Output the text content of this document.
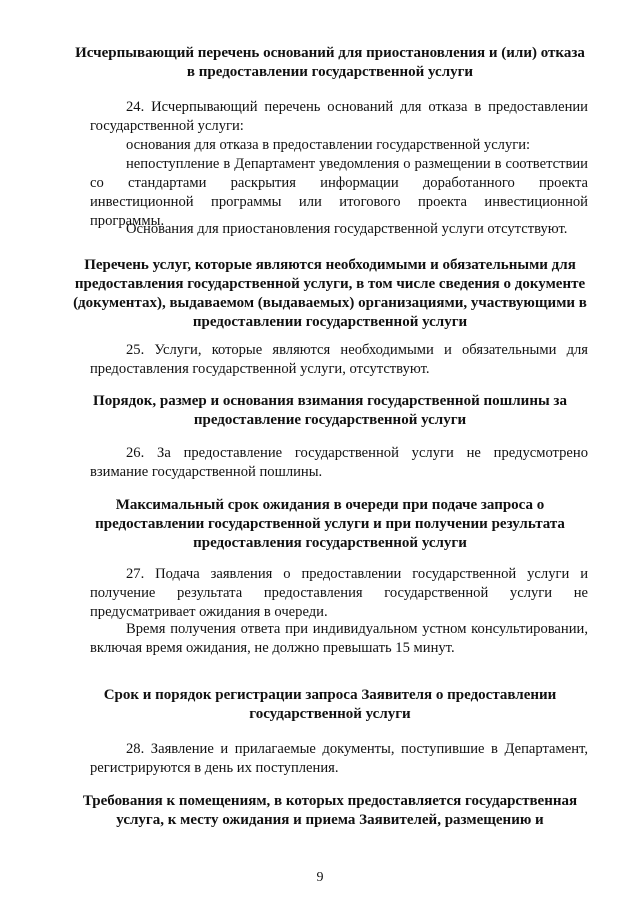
Исчерпывающий перечень оснований для приостановления и (или) отказа в предоставлении государственной услуги

24. Исчерпывающий перечень оснований для отказа в предоставлении государственной услуги:

основания для отказа в предоставлении государственной услуги:

непоступление в Департамент уведомления о размещении в соответствии со стандартами раскрытия информации доработанного проекта инвестиционной программы или итогового проекта инвестиционной программы.

Основания для приостановления государственной услуги отсутствуют.

Перечень услуг, которые являются необходимыми и обязательными для предоставления государственной услуги, в том числе сведения о документе (документах), выдаваемом (выдаваемых) организациями, участвующими в предоставлении государственной услуги

25. Услуги, которые являются необходимыми и обязательными для предоставления государственной услуги, отсутствуют.

Порядок, размер и основания взимания государственной пошлины за предоставление государственной услуги

26. За предоставление государственной услуги не предусмотрено взимание государственной пошлины.

Максимальный срок ожидания в очереди при подаче запроса о предоставлении государственной услуги и при получении результата предоставления государственной услуги

27. Подача заявления о предоставлении государственной услуги и получение результата предоставления государственной услуги не предусматривает ожидания в очереди.

Время получения ответа при индивидуальном устном консультировании, включая время ожидания, не должно превышать 15 минут.

Срок и порядок регистрации запроса Заявителя о предоставлении государственной услуги

28. Заявление и прилагаемые документы, поступившие в Департамент, регистрируются в день их поступления.

Требования к помещениям, в которых предоставляется государственная услуга, к месту ожидания и приема Заявителей, размещению и

9
